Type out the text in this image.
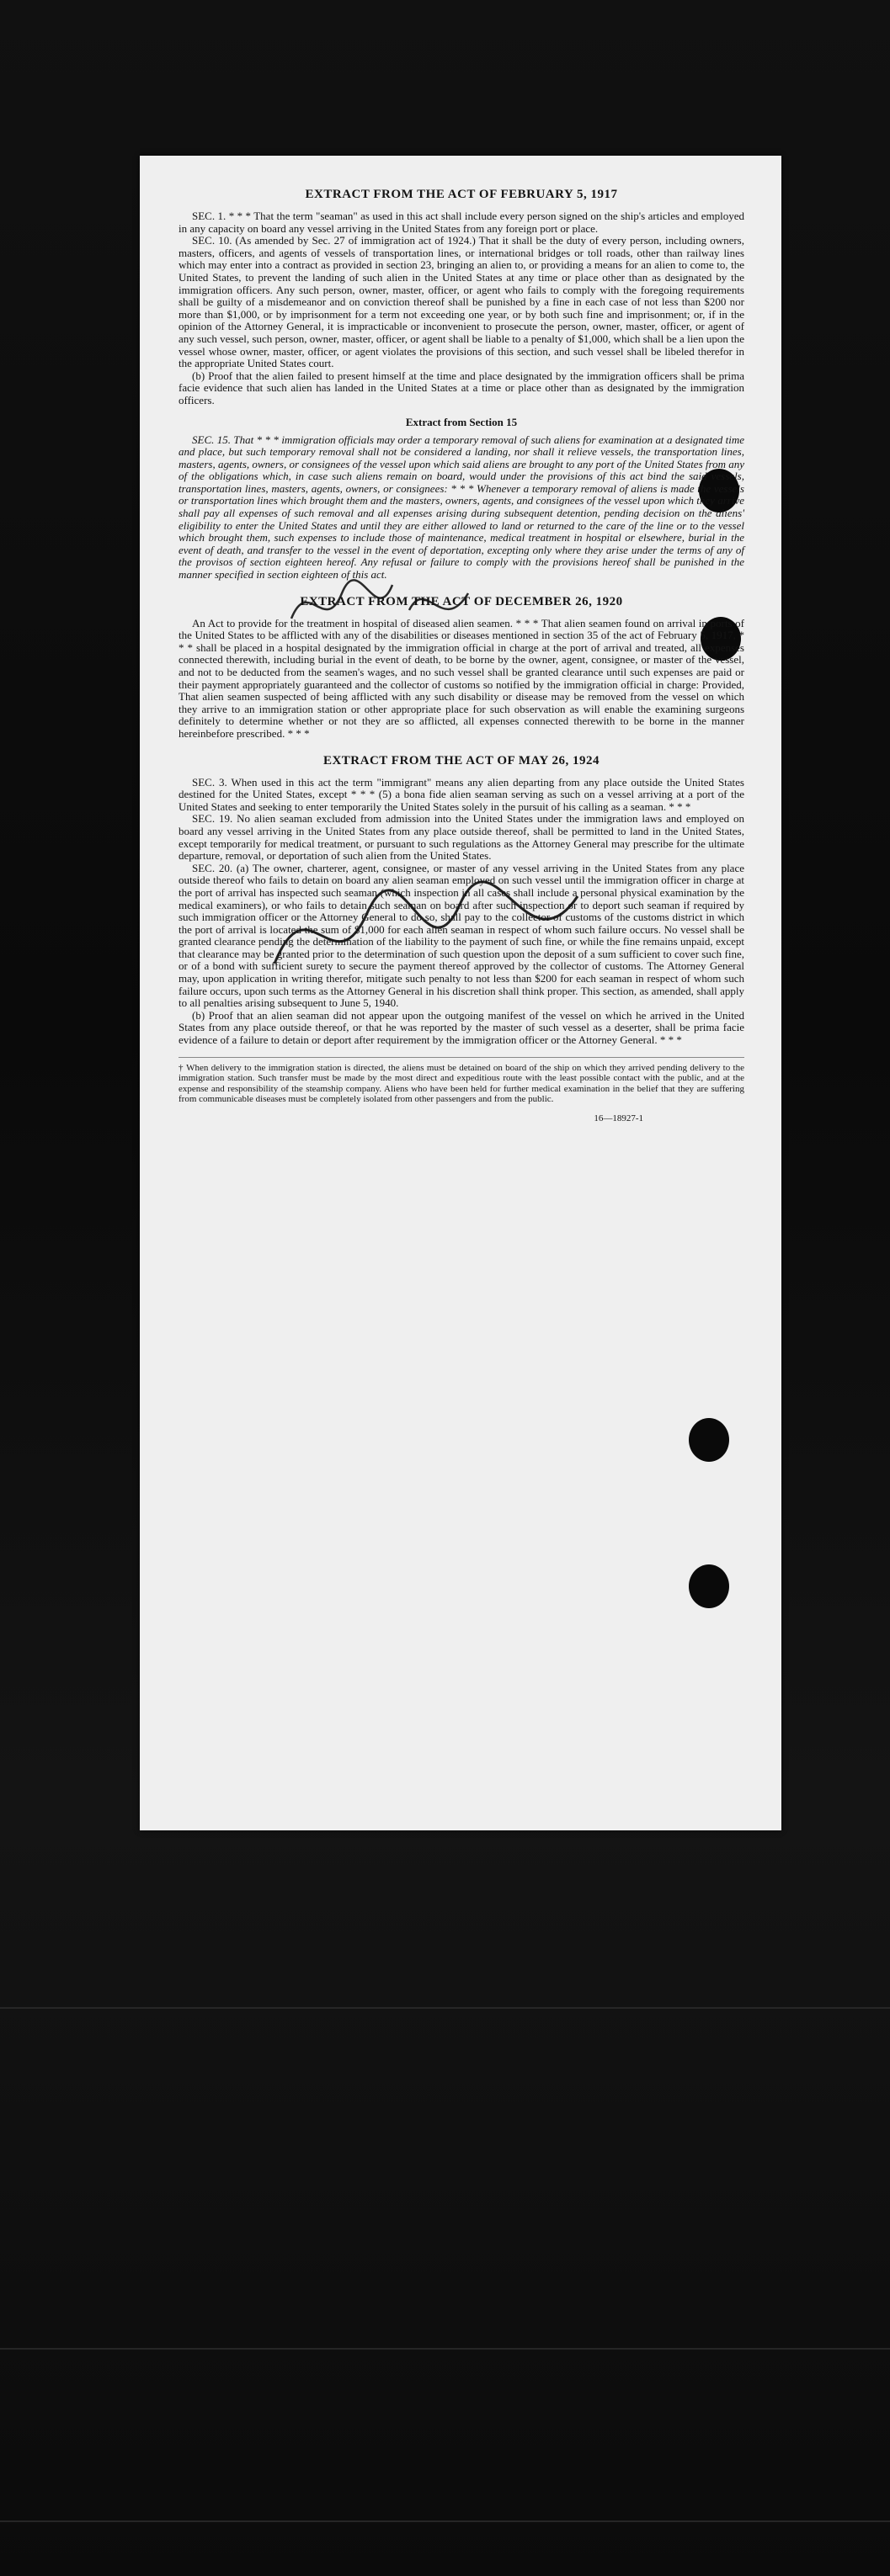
EXTRACT FROM THE ACT OF FEBRUARY 5, 1917

SEC. 1. * * * That the term "seaman" as used in this act shall include every person signed on the ship's articles and employed in any capacity on board any vessel arriving in the United States from any foreign port or place.

SEC. 10. (As amended by Sec. 27 of immigration act of 1924.) That it shall be the duty of every person, including owners, masters, officers, and agents of vessels of transportation lines, or international bridges or toll roads, other than railway lines which may enter into a contract as provided in section 23, bringing an alien to, or providing a means for an alien to come to, the United States, to prevent the landing of such alien in the United States at any time or place other than as designated by the immigration officers. Any such person, owner, master, officer, or agent who fails to comply with the foregoing requirements shall be guilty of a misdemeanor and on conviction thereof shall be punished by a fine in each case of not less than $200 nor more than $1,000, or by imprisonment for a term not exceeding one year, or by both such fine and imprisonment; or, if in the opinion of the Attorney General, it is impracticable or inconvenient to prosecute the person, owner, master, officer, or agent of any such vessel, such person, owner, master, officer, or agent shall be liable to a penalty of $1,000, which shall be a lien upon the vessel whose owner, master, officer, or agent violates the provisions of this section, and such vessel shall be libeled therefor in the appropriate United States court.

(b) Proof that the alien failed to present himself at the time and place designated by the immigration officers shall be prima facie evidence that such alien has landed in the United States at a time or place other than as designated by the immigration officers.

Extract from Section 15

SEC. 15. That * * * immigration officials may order a temporary removal of such aliens for examination at a designated time and place, but such temporary removal shall not be considered a landing, nor shall it relieve vessels, the transportation lines, masters, agents, owners, or consignees of the vessel upon which said aliens are brought to any port of the United States from any of the obligations which, in case such aliens remain on board, would under the provisions of this act bind the said vessels, transportation lines, masters, agents, owners, or consignees: * * * Whenever a temporary removal of aliens is made the vessels or transportation lines which brought them and the masters, owners, agents, and consignees of the vessel upon which they arrive shall pay all expenses of such removal and all expenses arising during subsequent detention, pending decision on the aliens' eligibility to enter the United States and until they are either allowed to land or returned to the care of the line or to the vessel which brought them, such expenses to include those of maintenance, medical treatment in hospital or elsewhere, burial in the event of death, and transfer to the vessel in the event of deportation, excepting only where they arise under the terms of any of the provisos of section eighteen hereof. Any refusal or failure to comply with the provisions hereof shall be punished in the manner specified in section eighteen of this act.

EXTRACT FROM THE ACT OF DECEMBER 26, 1920

An Act to provide for the treatment in hospital of diseased alien seamen. * * * That alien seamen found on arrival in ports of the United States to be afflicted with any of the disabilities or diseases mentioned in section 35 of the act of February 5, 1917, * * * shall be placed in a hospital designated by the immigration official in charge at the port of arrival and treated, all expenses connected therewith, including burial in the event of death, to be borne by the owner, agent, consignee, or master of the vessel, and not to be deducted from the seamen's wages, and no such vessel shall be granted clearance until such expenses are paid or their payment appropriately guaranteed and the collector of customs so notified by the immigration official in charge: Provided, That alien seamen suspected of being afflicted with any such disability or disease may be removed from the vessel on which they arrive to an immigration station or other appropriate place for such observation as will enable the examining surgeons definitely to determine whether or not they are so afflicted, all expenses connected therewith to be borne in the manner hereinbefore prescribed. * * *

EXTRACT FROM THE ACT OF MAY 26, 1924

SEC. 3. When used in this act the term "immigrant" means any alien departing from any place outside the United States destined for the United States, except * * * (5) a bona fide alien seaman serving as such on a vessel arriving at a port of the United States and seeking to enter temporarily the United States solely in the pursuit of his calling as a seaman. * * *

SEC. 19. No alien seaman excluded from admission into the United States under the immigration laws and employed on board any vessel arriving in the United States from any place outside thereof, shall be permitted to land in the United States, except temporarily for medical treatment, or pursuant to such regulations as the Attorney General may prescribe for the ultimate departure, removal, or deportation of such alien from the United States.

SEC. 20. (a) The owner, charterer, agent, consignee, or master of any vessel arriving in the United States from any place outside thereof who fails to detain on board any alien seaman employed on such vessel until the immigration officer in charge at the port of arrival has inspected such seaman (which inspection in all cases shall include a personal physical examination by the medical examiners), or who fails to detain such seaman on board after such inspection or to deport such seaman if required by such immigration officer or the Attorney General to do so, shall pay to the collector of customs of the customs district in which the port of arrival is located the sum of $1,000 for each alien seaman in respect of whom such failure occurs. No vessel shall be granted clearance pending the determination of the liability to the payment of such fine, or while the fine remains unpaid, except that clearance may be granted prior to the determination of such question upon the deposit of a sum sufficient to cover such fine, or of a bond with sufficient surety to secure the payment thereof approved by the collector of customs. The Attorney General may, upon application in writing therefor, mitigate such penalty to not less than $200 for each seaman in respect of whom such failure occurs, upon such terms as the Attorney General in his discretion shall think proper. This section, as amended, shall apply to all penalties arising subsequent to June 5, 1940.

(b) Proof that an alien seaman did not appear upon the outgoing manifest of the vessel on which he arrived in the United States from any place outside thereof, or that he was reported by the master of such vessel as a deserter, shall be prima facie evidence of a failure to detain or deport after requirement by the immigration officer or the Attorney General. * * *

† When delivery to the immigration station is directed, the aliens must be detained on board of the ship on which they arrived pending delivery to the immigration station. Such transfer must be made by the most direct and expeditious route with the least possible contact with the public, and at the expense and responsibility of the steamship company. Aliens who have been held for further medical examination in the belief that they are suffering from communicable diseases must be completely isolated from other passengers and from the public.
16—18927-1
